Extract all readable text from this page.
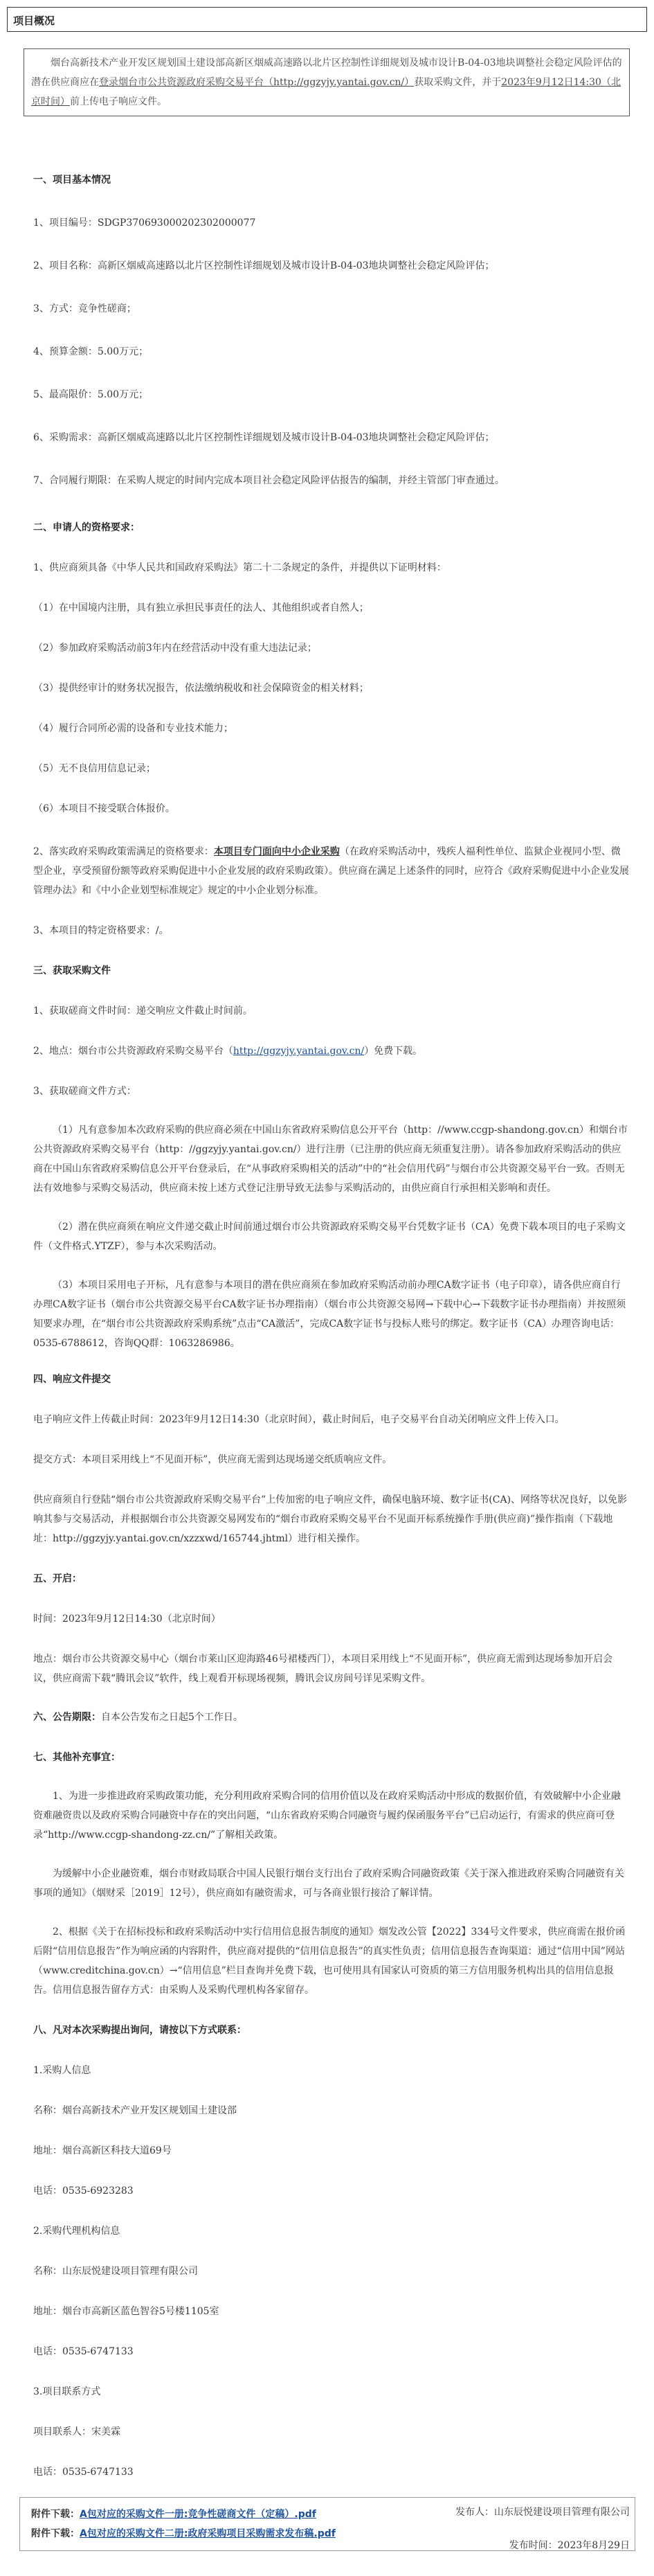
项目概况

烟台高新技术产业开发区规划国土建设部高新区烟威高速路以北片区控制性详细规划及城市设计B-04-03地块调整社会稳定风险评估的潜在供应商应在登录烟台市公共资源政府采购交易平台（http://ggzyjy.yantai.gov.cn/）获取采购文件，并于2023年9月12日14:30（北京时间）前上传电子响应文件。

一、项目基本情况

1、项目编号：SDGP370693000202302000077

2、项目名称：高新区烟威高速路以北片区控制性详细规划及城市设计B-04-03地块调整社会稳定风险评估；

3、方式：竞争性磋商；

4、预算金额：5.00万元；

5、最高限价：5.00万元；

6、采购需求：高新区烟威高速路以北片区控制性详细规划及城市设计B-04-03地块调整社会稳定风险评估；

7、合同履行期限：在采购人规定的时间内完成本项目社会稳定风险评估报告的编制，并经主管部门审查通过。

二、申请人的资格要求：

1、供应商须具备《中华人民共和国政府采购法》第二十二条规定的条件，并提供以下证明材料：

（1）在中国境内注册，具有独立承担民事责任的法人、其他组织或者自然人；

（2）参加政府采购活动前3年内在经营活动中没有重大违法记录；

（3）提供经审计的财务状况报告，依法缴纳税收和社会保障资金的相关材料；

（4）履行合同所必需的设备和专业技术能力；

（5）无不良信用信息记录；

（6）本项目不接受联合体报价。

2、落实政府采购政策需满足的资格要求：本项目专门面向中小企业采购（在政府采购活动中，残疾人福利性单位、监狱企业视同小型、微型企业，享受预留份额等政府采购促进中小企业发展的政府采购政策）。供应商在满足上述条件的同时，应符合《政府采购促进中小企业发展管理办法》和《中小企业划型标准规定》规定的中小企业划分标准。

3、本项目的特定资格要求：/。

三、获取采购文件

1、获取磋商文件时间：递交响应文件截止时间前。

2、地点：烟台市公共资源政府采购交易平台（http://ggzyjy.yantai.gov.cn/）免费下载。

3、获取磋商文件方式：

（1）凡有意参加本次政府采购的供应商必须在中国山东省政府采购信息公开平台（http：//www.ccgp-shandong.gov.cn）和烟台市公共资源政府采购交易平台（http：//ggzyjy.yantai.gov.cn/）进行注册（已注册的供应商无须重复注册）。请各参加政府采购活动的供应商在中国山东省政府采购信息公开平台登录后，在“从事政府采购相关的活动”中的“社会信用代码”与烟台市公共资源交易平台一致。否则无法有效地参与采购交易活动，供应商未按上述方式登记注册导致无法参与采购活动的，由供应商自行承担相关影响和责任。

（2）潜在供应商须在响应文件递交截止时间前通过烟台市公共资源政府采购交易平台凭数字证书（CA）免费下载本项目的电子采购文件（文件格式.YTZF），参与本次采购活动。

（3）本项目采用电子开标，凡有意参与本项目的潜在供应商须在参加政府采购活动前办理CA数字证书（电子印章），请各供应商自行办理CA数字证书（烟台市公共资源交易平台CA数字证书办理指南）（烟台市公共资源交易网→下载中心→下载数字证书办理指南）并按照须知要求办理，在“烟台市公共资源政府采购系统”点击“CA激活”，完成CA数字证书与投标人账号的绑定。数字证书（CA）办理咨询电话：0535-6788612，咨询QQ群：1063286986。

四、响应文件提交

电子响应文件上传截止时间：2023年9月12日14:30（北京时间），截止时间后，电子交易平台自动关闭响应文件上传入口。

提交方式：本项目采用线上“不见面开标”，供应商无需到达现场递交纸质响应文件。

供应商须自行登陆“烟台市公共资源政府采购交易平台”上传加密的电子响应文件，确保电脑环境、数字证书(CA)、网络等状况良好，以免影响其参与交易活动，并根据烟台市公共资源交易网发布的“烟台市政府采购交易平台不见面开标系统操作手册(供应商)”操作指南（下载地址：http://ggzyjy.yantai.gov.cn/xzzxwd/165744.jhtml）进行相关操作。

五、开启：

时间：2023年9月12日14:30（北京时间）

地点：烟台市公共资源交易中心（烟台市莱山区迎海路46号裙楼西门），本项目采用线上“不见面开标”，供应商无需到达现场参加开启会议，供应商需下载“腾讯会议”软件，线上观看开标现场视频，腾讯会议房间号详见采购文件。

六、公告期限：自本公告发布之日起5个工作日。

七、其他补充事宜：

1、为进一步推进政府采购政策功能，充分利用政府采购合同的信用价值以及在政府采购活动中形成的数据价值，有效破解中小企业融资难融资贵以及政府采购合同融资中存在的突出问题，“山东省政府采购合同融资与履约保函服务平台”已启动运行，有需求的供应商可登录“http://www.ccgp-shandong-zz.cn/”了解相关政策。

为缓解中小企业融资难，烟台市财政局联合中国人民银行烟台支行出台了政府采购合同融资政策《关于深入推进政府采购合同融资有关事项的通知》（烟财采［2019］12号），供应商如有融资需求，可与各商业银行接洽了解详情。

2、根据《关于在招标投标和政府采购活动中实行信用信息报告制度的通知》烟发改公管【2022】334号文件要求，供应商需在报价函后附“信用信息报告”作为响应函的内容附件，供应商对提供的“信用信息报告”的真实性负责；信用信息报告查询渠道：通过“信用中国”网站（www.creditchina.gov.cn）→“信用信息”栏目查询并免费下载，也可使用具有国家认可资质的第三方信用服务机构出具的信用信息报告。信用信息报告留存方式：由采购人及采购代理机构各家留存。

八、凡对本次采购提出询问，请按以下方式联系：

1.采购人信息

名称：烟台高新技术产业开发区规划国土建设部

地址：烟台高新区科技大道69号

电话：0535-6923283

2.采购代理机构信息

名称：山东辰悦建设项目管理有限公司

地址：烟台市高新区蓝色智谷5号楼1105室

电话：0535-6747133

3.项目联系方式

项目联系人：宋美霖

电话：0535-6747133

发布人：山东辰悦建设项目管理有限公司

发布时间：2023年8月29日

附件下载：A包对应的采购文件一册:竞争性磋商文件（定稿）.pdf
附件下载：A包对应的采购文件二册:政府采购项目采购需求发布稿.pdf
